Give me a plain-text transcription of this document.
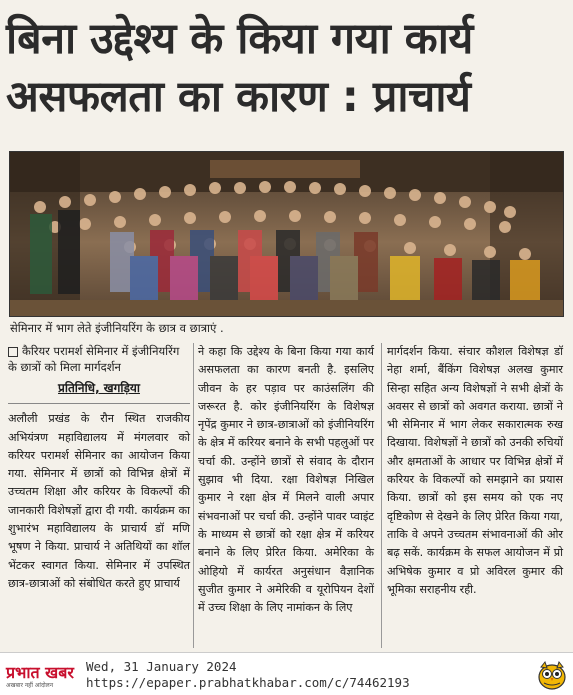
बिना उद्देश्य के किया गया कार्य
असफलता का कारण : प्राचार्य
सेमिनार में भाग लेते इंजीनियरिंग के छात्र व छात्राएं .
कैरियर परामर्श सेमिनार में इंजीनियरिंग के छात्रों को मिला मार्गदर्शन
प्रतिनिधि, खगड़िया
अलौली प्रखंड के रौन स्थित राजकीय अभियंत्रण महाविद्यालय में मंगलवार को करियर परामर्श सेमिनार का आयोजन किया गया. सेमिनार में छात्रों को विभिन्न क्षेत्रों में उच्चतम शिक्षा और करियर के विकल्पों की जानकारी विशेषज्ञों द्वारा दी गयी. कार्यक्रम का शुभारंभ महाविद्यालय के प्राचार्य डॉ मणि भूषण ने किया. प्राचार्य ने अतिथियों का शॉल भेंटकर स्वागत किया. सेमिनार में उपस्थित छात्र-छात्राओं को संबोधित करते हुए प्राचार्य
ने कहा कि उद्देश्य के बिना किया गया कार्य असफलता का कारण बनती है. इसलिए जीवन के हर पड़ाव पर काउंसलिंग की जरूरत है. कोर इंजीनियरिंग के विशेषज्ञ नृपेंद्र कुमार ने छात्र-छात्राओं को इंजीनियरिंग के क्षेत्र में करियर बनाने के सभी पहलुओं पर चर्चा की. उन्होंने छात्रों से संवाद के दौरान सुझाव भी दिया. रक्षा विशेषज्ञ निखिल कुमार ने रक्षा क्षेत्र में मिलने वाली अपार संभवनाओं पर चर्चा की. उन्होंने पावर प्वाइंट के माध्यम से छात्रों को रक्षा क्षेत्र में करियर बनाने के लिए प्रेरित किया. अमेरिका के ओहियो में कार्यरत अनुसंधान वैज्ञानिक सुजीत कुमार ने अमेरिकी व यूरोपियन देशों में उच्च शिक्षा के लिए नामांकन के लिए
मार्गदर्शन किया. संचार कौशल विशेषज्ञ डॉ नेहा शर्मा, बैंकिंग विशेषज्ञ अलख कुमार सिन्हा सहित अन्य विशेषज्ञों ने सभी क्षेत्रों के अवसर से छात्रों को अवगत कराया. छात्रों ने भी सेमिनार में भाग लेकर सकारात्मक रुख दिखाया. विशेषज्ञों ने छात्रों को उनकी रुचियों और क्षमताओं के आधार पर विभिन्न क्षेत्रों में करियर के विकल्पों को समझाने का प्रयास किया. छात्रों को इस समय को एक नए दृष्टिकोण से देखने के लिए प्रेरित किया गया, ताकि वे अपने उच्चतम संभावनाओं की ओर बढ़ सकें. कार्यक्रम के सफल आयोजन में प्रो अभिषेक कुमार व प्रो अविरल कुमार की भूमिका सराहनीय रही.
प्रभात खबर
अखबार नहीं आंदोलन
Wed, 31 January 2024
https://epaper.prabhatkhabar.com/c/74462193
